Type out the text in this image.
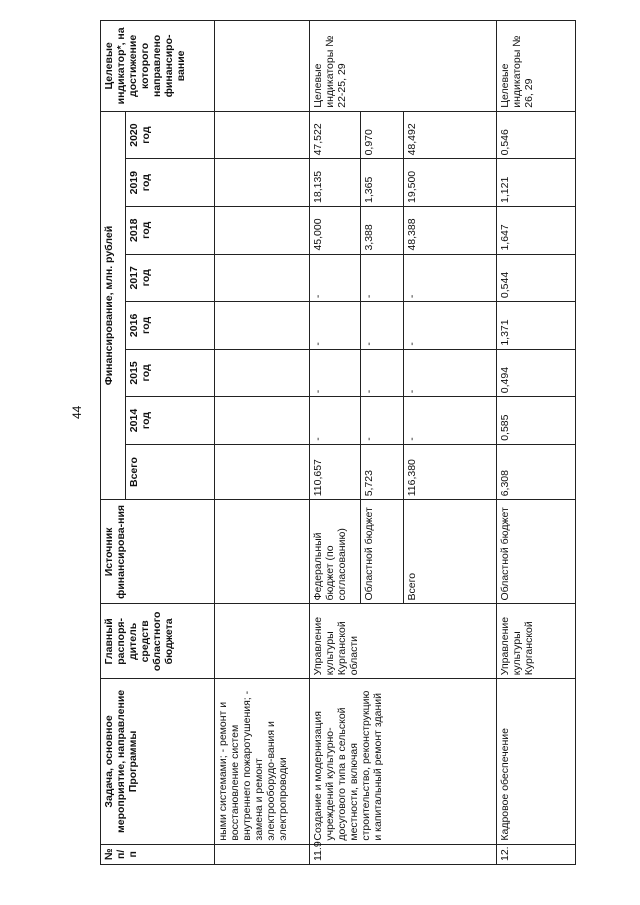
44
№ п/п	Задача, основное мероприятие, направление Программы	Главный распоря-дитель средств областного бюджета	Источник финансирова-ния	Финансирование, млн. рублей								Целевые индикатор*, на достижение которого направлено финансиро-вание
				Всего	2014 год	2015 год	2016 год	2017 год	2018 год	2019 год	2020 год	
	ными системами; - ремонт и восстановление систем внутреннего пожаротушения; - замена и ремонт электрооборудо-вания и электропроводки											
11.9	Создание и модернизация учреждений культурно-досугового типа в сельской местности, включая строительство, реконструкцию и капитальный ремонт зданий	Управление культуры Курганской области	Федеральный бюджет (по согласованию)	110,657	-	-	-	-	45,000	18,135	47,522	Целевые индикаторы № 22-25, 29
			Областной бюджет	5,723	-	-	-	-	3,388	1,365	0,970	
			Всего	116,380	-	-	-	-	48,388	19,500	48,492	
12.	Кадровое обеспечение	Управление культуры Курганской	Областной бюджет	6,308	0,585	0,494	1,371	0,544	1,647	1,121	0,546	Целевые индикаторы № 26, 29
